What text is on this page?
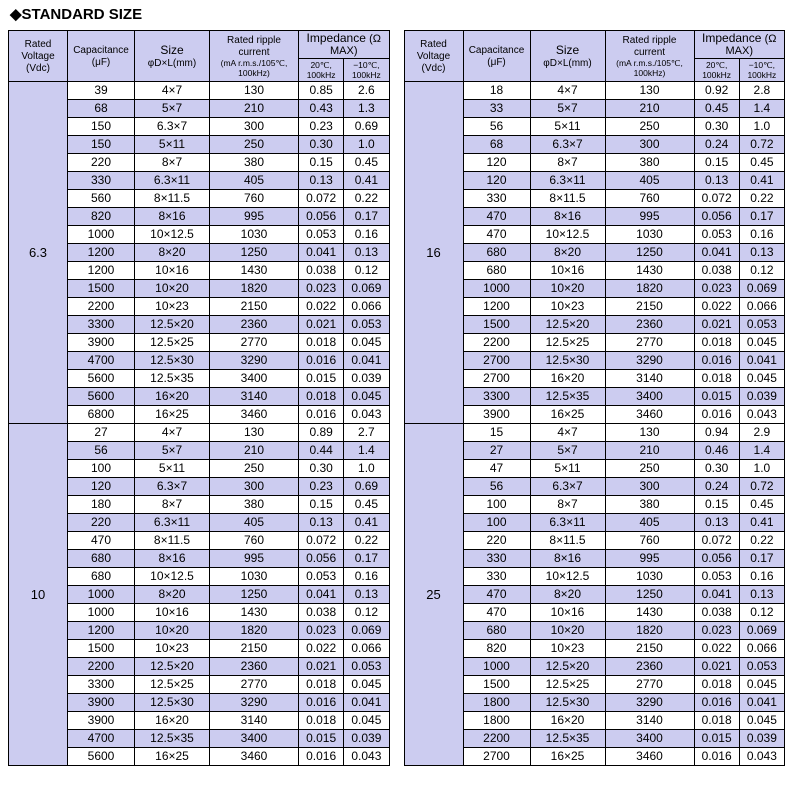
◆STANDARD SIZE
Rated Voltage (Vdc)	Capacitance (μF)	Size φD×L(mm)	Rated ripple current
(mA r.m.s./105℃, 100kHz)	Impedance (Ω MAX)	

				20℃, 100kHz	−10℃, 100kHz

6.3	39	4×7	130	0.85	2.6
	68	5×7	210	0.43	1.3
	150	6.3×7	300	0.23	0.69
	150	5×11	250	0.30	1.0
	220	8×7	380	0.15	0.45
	330	6.3×11	405	0.13	0.41
	560	8×11.5	760	0.072	0.22
	820	8×16	995	0.056	0.17
	1000	10×12.5	1030	0.053	0.16
	1200	8×20	1250	0.041	0.13
	1200	10×16	1430	0.038	0.12
	1500	10×20	1820	0.023	0.069
	2200	10×23	2150	0.022	0.066
	3300	12.5×20	2360	0.021	0.053
	3900	12.5×25	2770	0.018	0.045
	4700	12.5×30	3290	0.016	0.041
	5600	12.5×35	3400	0.015	0.039
	5600	16×20	3140	0.018	0.045
	6800	16×25	3460	0.016	0.043
10	27	4×7	130	0.89	2.7
	56	5×7	210	0.44	1.4
	100	5×11	250	0.30	1.0
	120	6.3×7	300	0.23	0.69
	180	8×7	380	0.15	0.45
	220	6.3×11	405	0.13	0.41
	470	8×11.5	760	0.072	0.22
	680	8×16	995	0.056	0.17
	680	10×12.5	1030	0.053	0.16
	1000	8×20	1250	0.041	0.13
	1000	10×16	1430	0.038	0.12
	1200	10×20	1820	0.023	0.069
	1500	10×23	2150	0.022	0.066
	2200	12.5×20	2360	0.021	0.053
	3300	12.5×25	2770	0.018	0.045
	3900	12.5×30	3290	0.016	0.041
	3900	16×20	3140	0.018	0.045
	4700	12.5×35	3400	0.015	0.039
	5600	16×25	3460	0.016	0.043
Rated Voltage (Vdc)	Capacitance (μF)	Size φD×L(mm)	Rated ripple current
(mA r.m.s./105℃, 100kHz)	Impedance (Ω MAX)	

				20℃, 100kHz	−10℃, 100kHz

16	18	4×7	130	0.92	2.8
	33	5×7	210	0.45	1.4
	56	5×11	250	0.30	1.0
	68	6.3×7	300	0.24	0.72
	120	8×7	380	0.15	0.45
	120	6.3×11	405	0.13	0.41
	330	8×11.5	760	0.072	0.22
	470	8×16	995	0.056	0.17
	470	10×12.5	1030	0.053	0.16
	680	8×20	1250	0.041	0.13
	680	10×16	1430	0.038	0.12
	1000	10×20	1820	0.023	0.069
	1200	10×23	2150	0.022	0.066
	1500	12.5×20	2360	0.021	0.053
	2200	12.5×25	2770	0.018	0.045
	2700	12.5×30	3290	0.016	0.041
	2700	16×20	3140	0.018	0.045
	3300	12.5×35	3400	0.015	0.039
	3900	16×25	3460	0.016	0.043
25	15	4×7	130	0.94	2.9
	27	5×7	210	0.46	1.4
	47	5×11	250	0.30	1.0
	56	6.3×7	300	0.24	0.72
	100	8×7	380	0.15	0.45
	100	6.3×11	405	0.13	0.41
	220	8×11.5	760	0.072	0.22
	330	8×16	995	0.056	0.17
	330	10×12.5	1030	0.053	0.16
	470	8×20	1250	0.041	0.13
	470	10×16	1430	0.038	0.12
	680	10×20	1820	0.023	0.069
	820	10×23	2150	0.022	0.066
	1000	12.5×20	2360	0.021	0.053
	1500	12.5×25	2770	0.018	0.045
	1800	12.5×30	3290	0.016	0.041
	1800	16×20	3140	0.018	0.045
	2200	12.5×35	3400	0.015	0.039
	2700	16×25	3460	0.016	0.043
